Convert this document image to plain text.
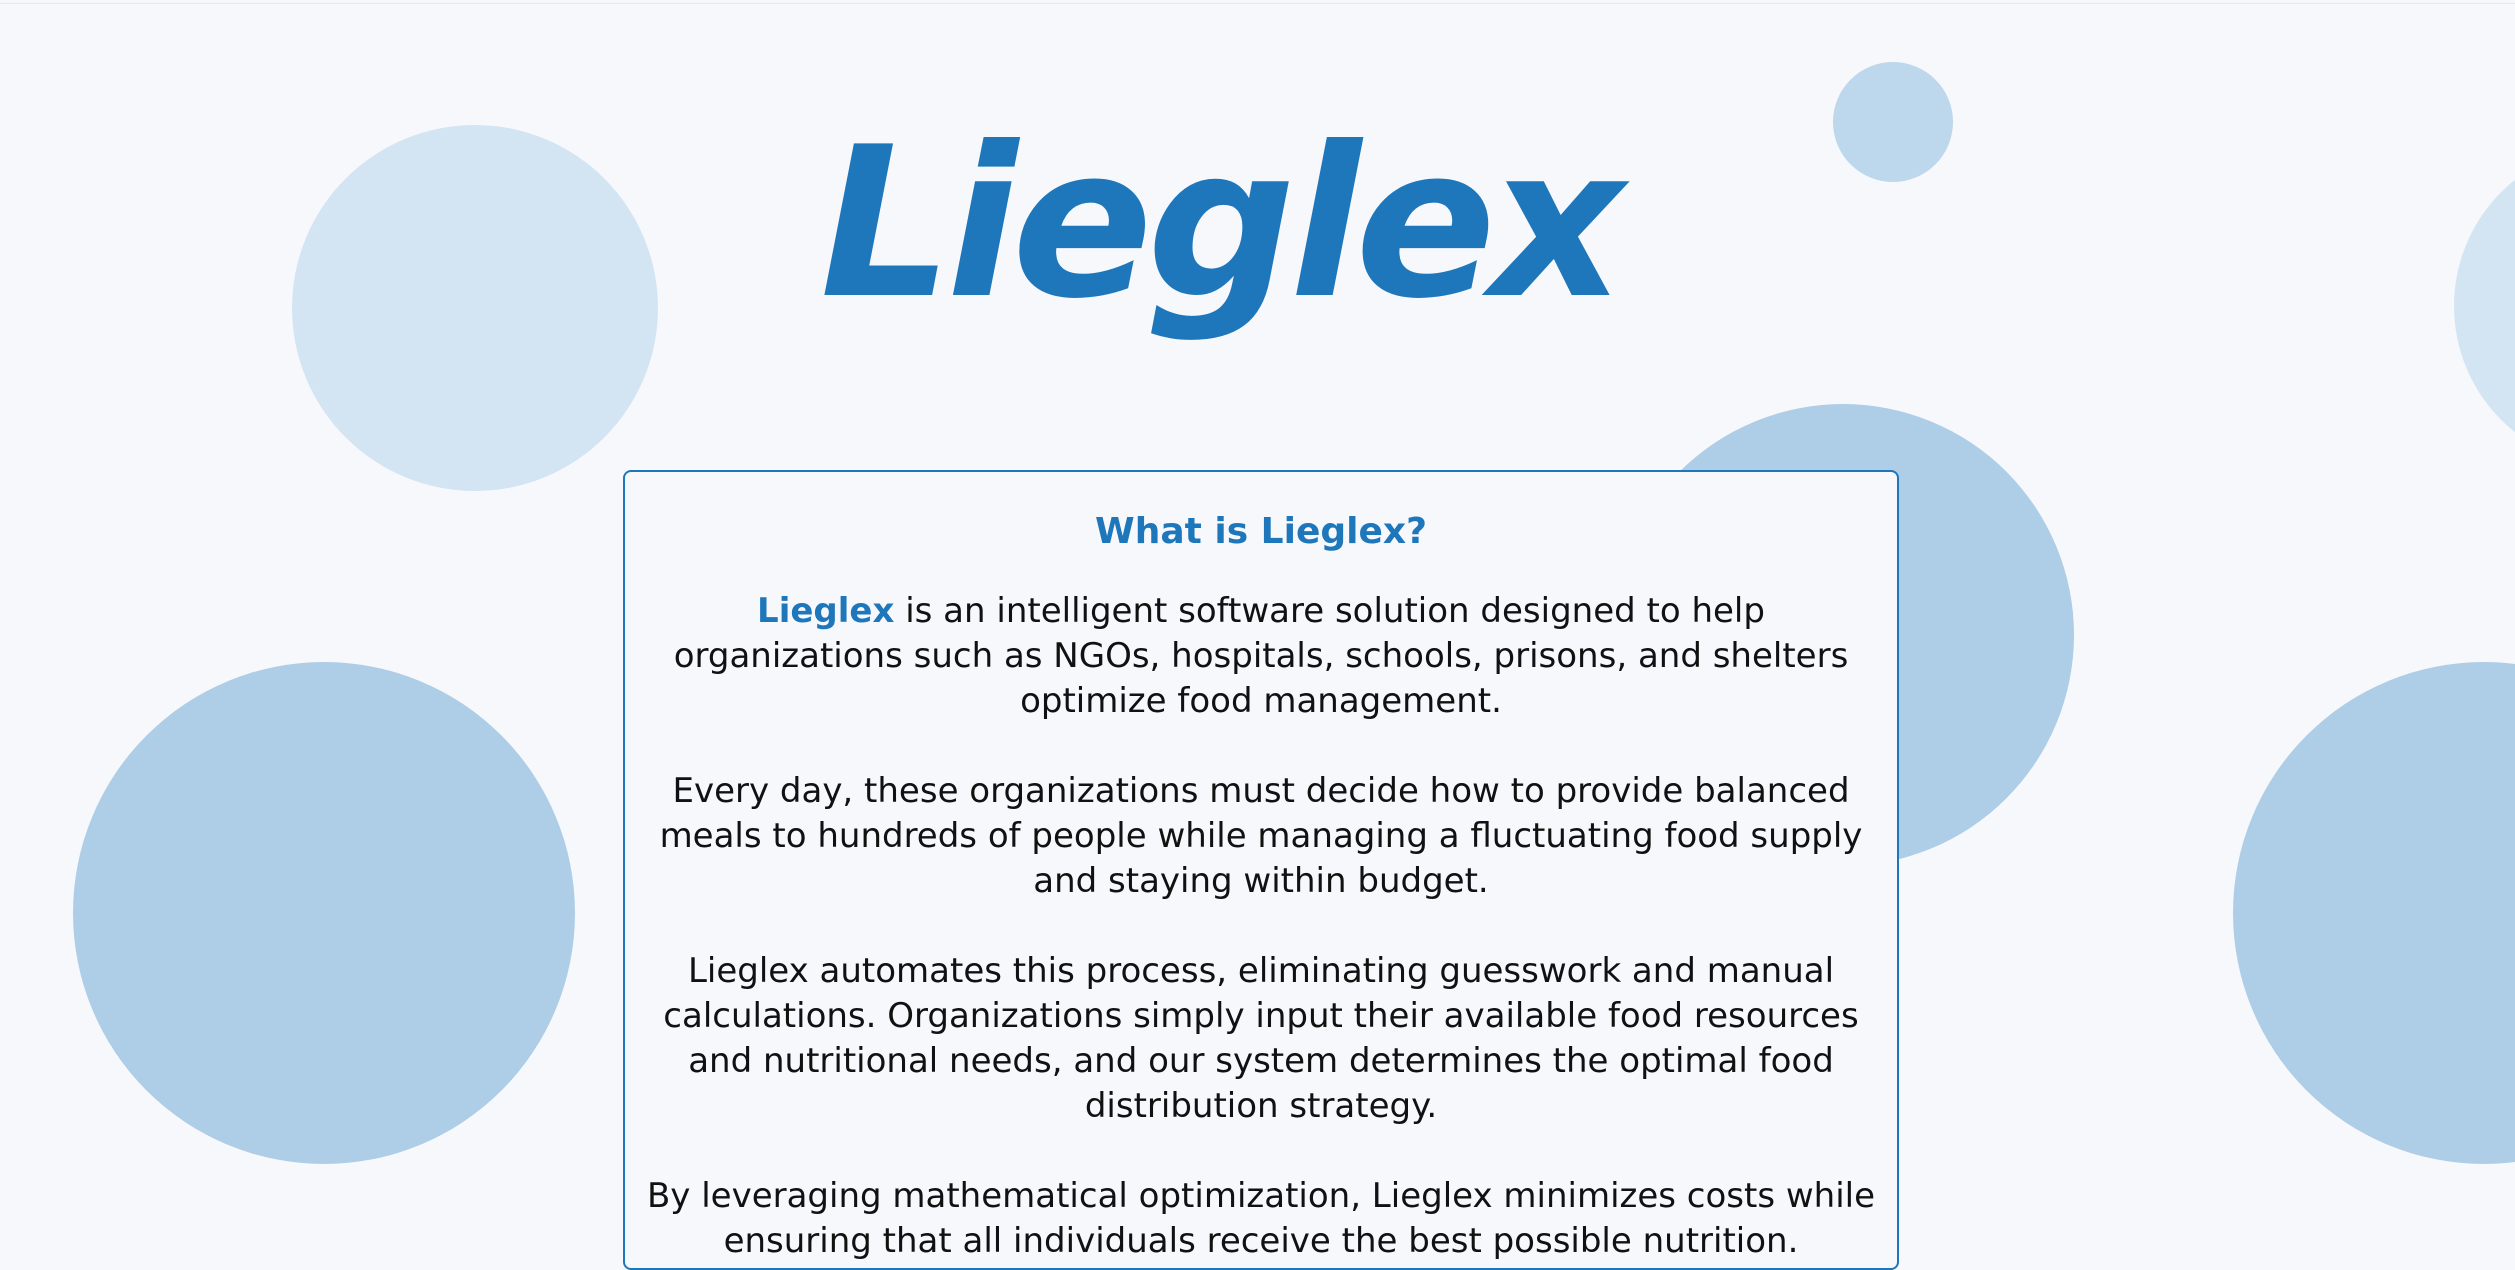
Lieglex
What is Lieglex?

Lieglex is an intelligent software solution designed to help organizations such as NGOs, hospitals, schools, prisons, and shelters optimize food management.

Every day, these organizations must decide how to provide balanced meals to hundreds of people while managing a fluctuating food supply and staying within budget.

Lieglex automates this process, eliminating guesswork and manual calculations. Organizations simply input their available food resources and nutritional needs, and our system determines the optimal food distribution strategy.

By leveraging mathematical optimization, Lieglex minimizes costs while ensuring that all individuals receive the best possible nutrition.
